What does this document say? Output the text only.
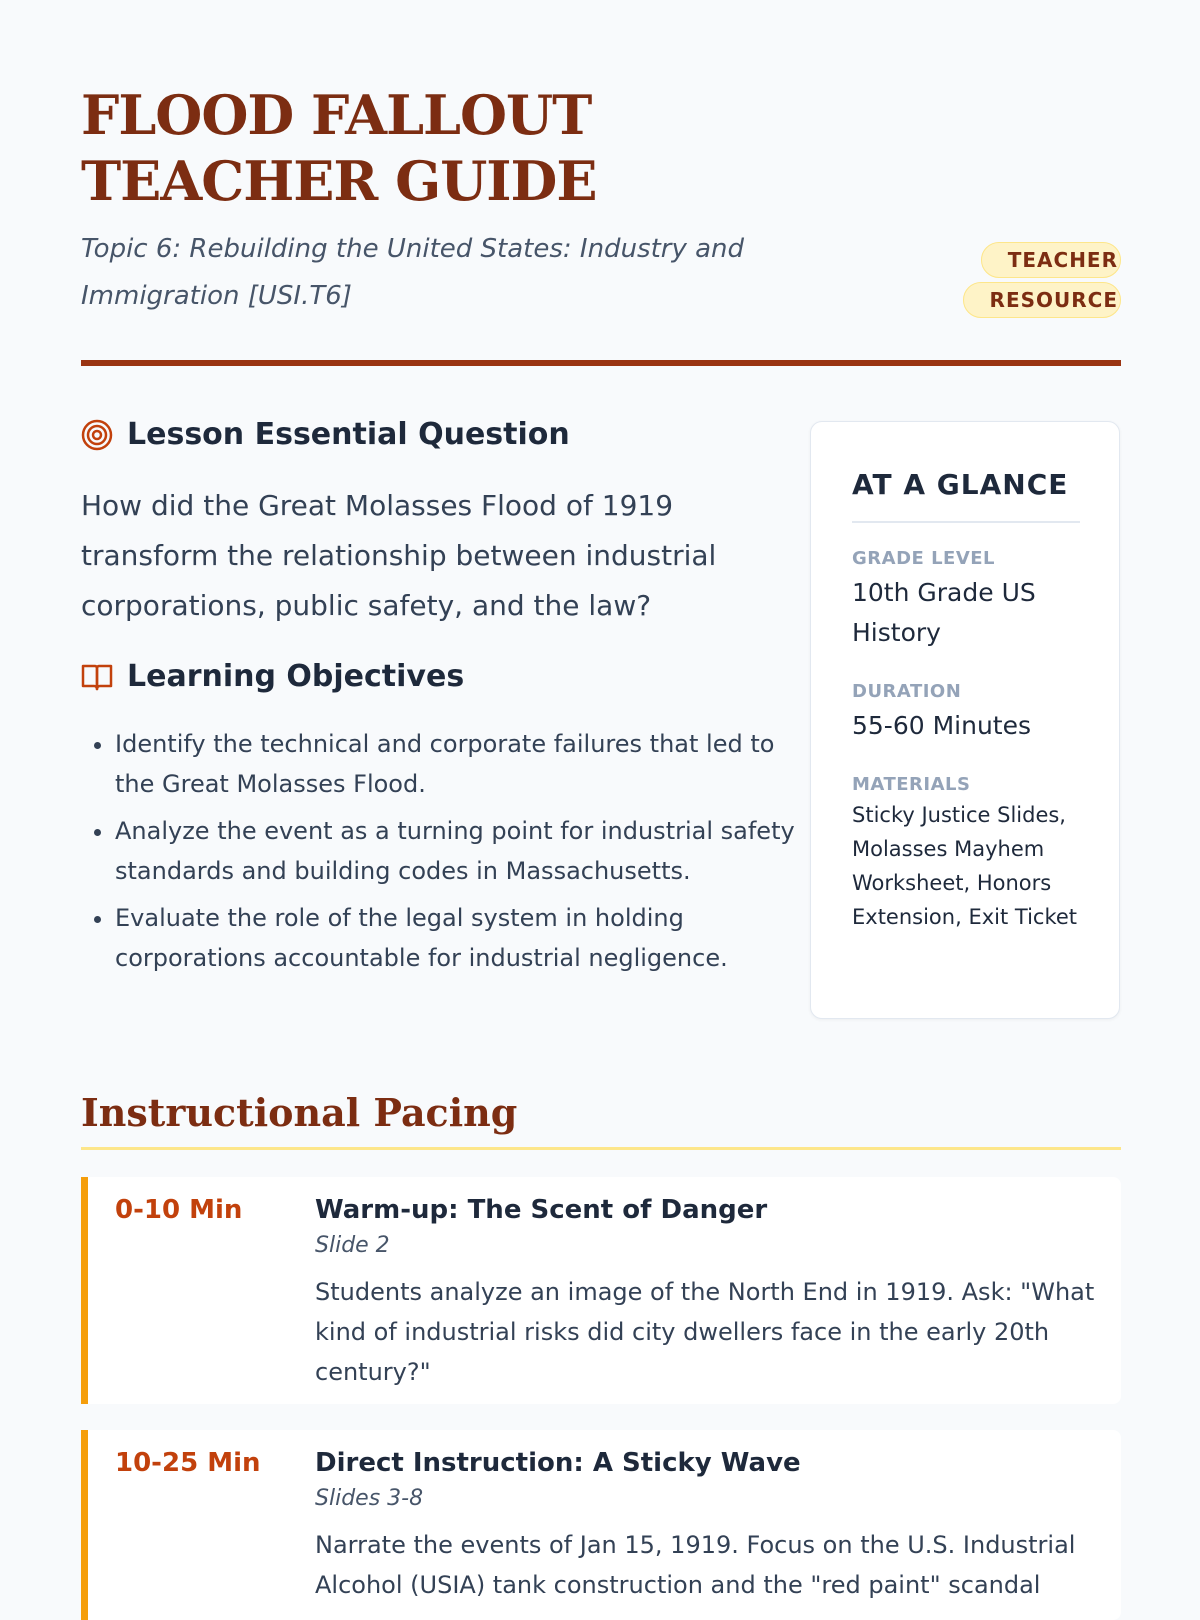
FLOOD FALLOUT TEACHER GUIDE
Topic 6: Rebuilding the United States: Industry and Immigration [USI.T6]
TEACHER RESOURCE
Lesson Essential Question
How did the Great Molasses Flood of 1919 transform the relationship between industrial corporations, public safety, and the law?
Learning Objectives
• Identify the technical and corporate failures that led to the Great Molasses Flood.
• Analyze the event as a turning point for industrial safety standards and building codes in Massachusetts.
• Evaluate the role of the legal system in holding corporations accountable for industrial negligence.
AT A GLANCE
GRADE LEVEL
10th Grade US History
DURATION
55-60 Minutes
MATERIALS
Sticky Justice Slides, Molasses Mayhem Worksheet, Honors Extension, Exit Ticket
Instructional Pacing
0-10 Min	Warm-up: The Scent of Danger
Slide 2
Students analyze an image of the North End in 1919. Ask: "What kind of industrial risks did city dwellers face in the early 20th century?"
10-25 Min Direct Instruction: A Sticky Wave
Slides 3-8
Narrate the events of Jan 15, 1919. Focus on the U.S. Industrial Alcohol (USIA) tank construction and the "red paint" scandal
